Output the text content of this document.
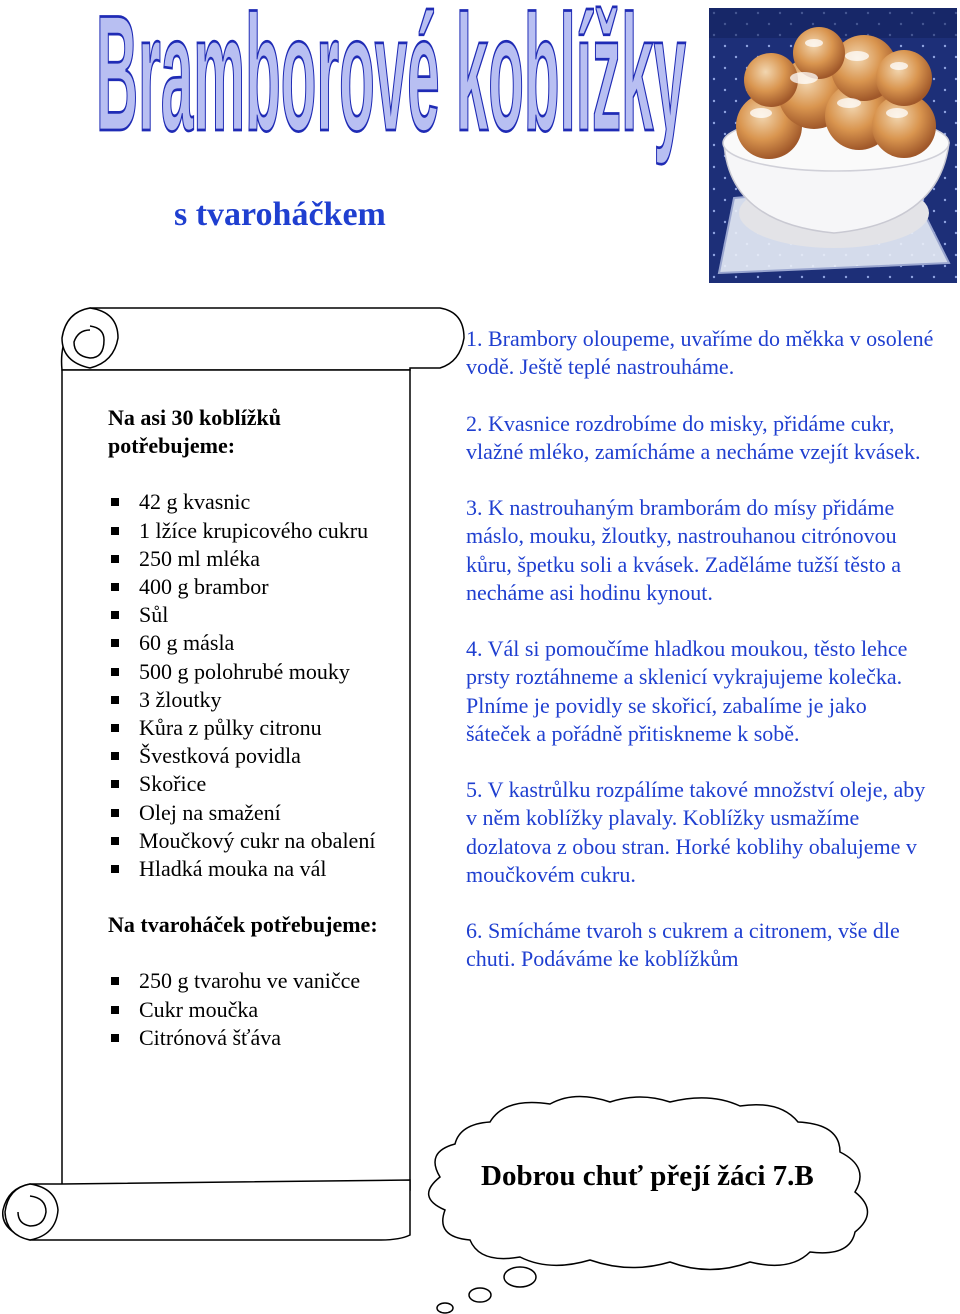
Bramborové koblížky
s tvaroháčkem

Na asi 30 koblížků potřebujeme:

42 g kvasnic
1 lžíce krupicového cukru
250 ml mléka
400 g brambor
Sůl
60 g másla
500 g polohrubé mouky
3 žloutky
Kůra z půlky citronu
Švestková povidla
Skořice
Olej na smažení
Moučkový cukr na obalení
Hladká mouka na vál

Na tvaroháček potřebujeme:

250 g tvarohu ve vaničce
Cukr moučka
Citrónová šťáva

1. Brambory oloupeme, uvaříme do měkka v osolené vodě. Ještě teplé nastrouháme.

2. Kvasnice rozdrobíme do misky, přidáme cukr, vlažné mléko, zamícháme a necháme vzejít kvásek.

3. K nastrouhaným bramborám do mísy přidáme máslo, mouku, žloutky, nastrouhanou citrónovou kůru, špetku soli a kvásek. Zaděláme tužší těsto a necháme asi hodinu kynout.

4. Vál si pomoučíme hladkou moukou, těsto lehce prsty roztáhneme a sklenicí vykrajujeme kolečka. Plníme je povidly se skořicí, zabalíme je jako šáteček a pořádně přitiskneme k sobě.

5. V kastrůlku rozpálíme takové množství oleje, aby v něm koblížky plavaly. Koblížky usmažíme dozlatova z obou stran. Horké koblihy obalujeme v moučkovém cukru.

6. Smícháme tvaroh s cukrem a citronem, vše dle chuti. Podáváme ke koblížkům

Dobrou chuť přejí žáci 7.B
